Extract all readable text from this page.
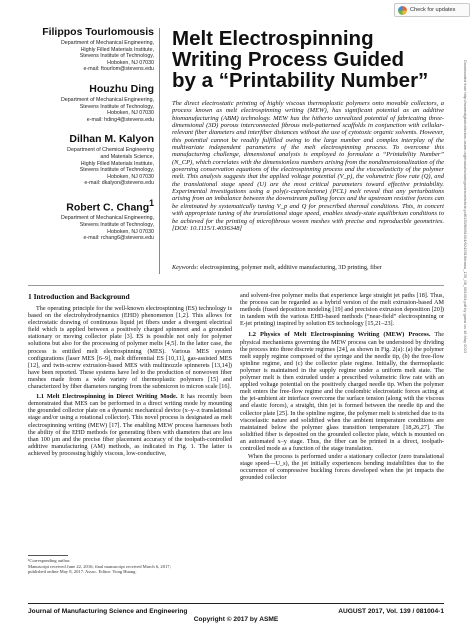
Check for updates
Downloaded from http://asmedigitalcollection.asme.org/manufacturingscience/article-pdf/139/8/081004/6242616/manu_139_08_081004.pdf by guest on 16 May 2023
Filippos Tourlomousis
Department of Mechanical Engineering,
Highly Filled Materials Institute,
Stevens Institute of Technology,
Hoboken, NJ 07030
e-mail: ftourlom@stevens.edu
Houzhu Ding
Department of Mechanical Engineering,
Stevens Institute of Technology,
Hoboken, NJ 07030
e-mail: hding4@stevens.edu
Dilhan M. Kalyon
Department of Chemical Engineering
and Materials Science,
Highly Filled Materials Institute,
Stevens Institute of Technology,
Hoboken, NJ 07030
e-mail: dkalyon@stevens.edu
Robert C. Chang$^1$
Department of Mechanical Engineering,
Stevens Institute of Technology,
Hoboken, NJ 07030
e-mail: rchang6@stevens.edu
Melt Electrospinning Writing Process Guided by a “Printability Number”
The direct electrostatic printing of highly viscous thermoplastic polymers onto movable collectors, a process known as melt electrospinning writing (MEW), has significant potential as an additive biomanufacturing (ABM) technology. MEW has the hitherto unrealized potential of fabricating three-dimensional (3D) porous interconnected fibrous melt-patterned scaffolds in conjunction with cellular-relevant fiber diameters and interfiber distances without the use of cytotoxic organic solvents. However, this potential cannot be readily fulfilled owing to the large number and complex interplay of the multivariate independent parameters of the melt electrospinning process. To overcome this manufacturing challenge, dimensional analysis is employed to formulate a “Printability Number” (N_CP), which correlates with the dimensionless numbers arising from the nondimensionalization of the governing conservation equations of the electrospinning process and the viscoelasticity of the polymer melt. This analysis suggests that the applied voltage potential (V_p), the volumetric flow rate (Q), and the translational stage speed (U) are the most critical parameters toward effective printability. Experimental investigations using a poly(ε-caprolactone) (PCL) melt reveal that any perturbations arising from an imbalance between the downstream pulling forces and the upstream resistive forces can be eliminated by systematically tuning V_p and Q for prescribed thermal conditions. This, in concert with appropriate tuning of the translational stage speed, enables steady-state equilibrium conditions to be achieved for the printing of microfibrous woven meshes with precise and reproducible geometries. [DOI: 10.1115/1.4036348]
Keywords: electrospinning, polymer melt, additive manufacturing, 3D printing, fiber
1 Introduction and Background

The operating principle for the well-known electrospinning (ES) technology is based on the electrohydrodynamics (EHD) phenomenon [1,2]. This allows for electrostatic drawing of continuous liquid jet fibers under a divergent electrical field which is applied between a positively charged spinneret and a grounded stationary or moving collector plate [3]. ES is possible not only for polymer solutions but also for the processing of polymer melts [4,5]. In the latter case, the process is entitled melt electrospinning (MES). Various MES system configurations (laser MES [6–9], melt differential ES [10,11], gas-assisted MES [12], and twin-screw extrusion-based MES with multinozzle spinnerets [13,14]) have been reported. These systems have led to the production of nonwoven fiber meshes made from a wide variety of thermoplastic polymers [15] and characterized by fiber diameters ranging from the submicron to micron scale [16].

1.1 Melt Electrospinning in Direct Writing Mode. It has recently been demonstrated that MES can be performed in a direct writing mode by mounting the grounded collector plate on a dynamic mechanical device (x–y–z translational stage and/or using a rotational collector). This novel process is designated as melt electrospinning writing (MEW) [17]. The enabling MEW process harnesses both the ability of the EHD methods for generating fibers with diameters that are less than 100 μm and the precise fiber placement accuracy of the toolpath-controlled additive manufacturing (AM) methods, as indicated in Fig. 1. The latter is achieved by processing highly viscous, low-conductive,

¹Corresponding author.
Manuscript received June 22, 2016; final manuscript received March 6, 2017;
published online May 8, 2017. Assoc. Editor: Yong Huang.

and solvent-free polymer melts that experience large straight jet paths [18]. Thus, the process can be regarded as a hybrid version of the melt extrusion-based AM methods (fused deposition modeling [19] and precision extrusion deposition [20]) in tandem with the various EHD-based methods (“near-field” electrospinning or E-jet printing) inspired by solution ES technology [15,21–23].

1.2 Physics of Melt Electrospinning Writing (MEW) Process. The physical mechanisms governing the MEW process can be understood by dividing the process into three discrete regimes [24], as shown in Fig. 2(a): (a) the polymer melt supply regime composed of the syringe and the needle tip, (b) the free-flow spinline regime, and (c) the collector plate regime. Initially, the thermoplastic polymer is maintained in the supply regime under a uniform melt state. The polymer melt is then extruded under a prescribed volumetric flow rate with an applied voltage potential on the positively charged needle tip. When the polymer melt enters the free-flow regime and the coulombic electrostatic forces acting at the jet-ambient air interface overcome the surface tension (along with the viscous and elastic forces), a straight, thin jet is formed between the needle tip and the collector plate [25]. In the spinline regime, the polymer melt is stretched due to its viscoelastic nature and solidified when the ambient temperature conditions are maintained below the polymer glass transition temperature [18,26,27]. The solidified fiber is deposited on the grounded collector plate, which is mounted on an automated x–y stage. Thus, the fiber can be printed in a direct, toolpath-controlled mode as a function of the stage translation.

When the process is performed under a stationary collector (zero translational stage speed—U_s), the jet initially experiences bending instabilities due to the occurrence of compressive buckling forces developed when the jet impacts the grounded collector

Journal of Manufacturing Science and Engineering	AUGUST 2017, Vol. 139 / 081004-1
Copyright © 2017 by ASME
